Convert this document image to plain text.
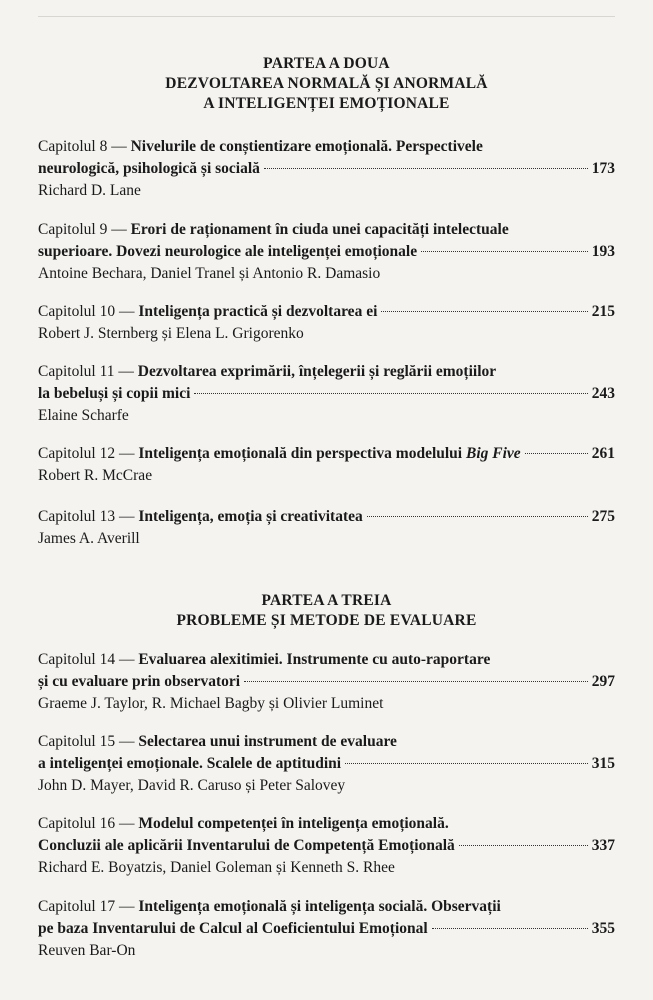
PARTEA A DOUA
DEZVOLTAREA NORMALĂ ȘI ANORMALĂ
A INTELIGENȚEI EMOȚIONALE
Capitolul 8 — Nivelurile de conștientizare emoțională. Perspectivele
neurologică, psihologică și socială	173
Richard D. Lane
Capitolul 9 — Erori de raționament în ciuda unei capacități intelectuale
superioare. Dovezi neurologice ale inteligenței emoționale	193
Antoine Bechara, Daniel Tranel și Antonio R. Damasio
Capitolul 10 — Inteligența practică și dezvoltarea ei	215
Robert J. Sternberg și Elena L. Grigorenko
Capitolul 11 — Dezvoltarea exprimării, înțelegerii și reglării emoțiilor
la bebeluși și copii mici	243
Elaine Scharfe
Capitolul 12 — Inteligența emoțională din perspectiva modelului Big Five	261
Robert R. McCrae
Capitolul 13 — Inteligența, emoția și creativitatea	275
James A. Averill
PARTEA A TREIA
PROBLEME ȘI METODE DE EVALUARE
Capitolul 14 — Evaluarea alexitimiei. Instrumente cu auto-raportare
și cu evaluare prin observatori	297
Graeme J. Taylor, R. Michael Bagby și Olivier Luminet
Capitolul 15 — Selectarea unui instrument de evaluare
a inteligenței emoționale. Scalele de aptitudini	315
John D. Mayer, David R. Caruso și Peter Salovey
Capitolul 16 — Modelul competenței în inteligența emoțională.
Concluzii ale aplicării Inventarului de Competență Emoțională	337
Richard E. Boyatzis, Daniel Goleman și Kenneth S. Rhee
Capitolul 17 — Inteligența emoțională și inteligența socială. Observații
pe baza Inventarului de Calcul al Coeficientului Emoțional	355
Reuven Bar-On
